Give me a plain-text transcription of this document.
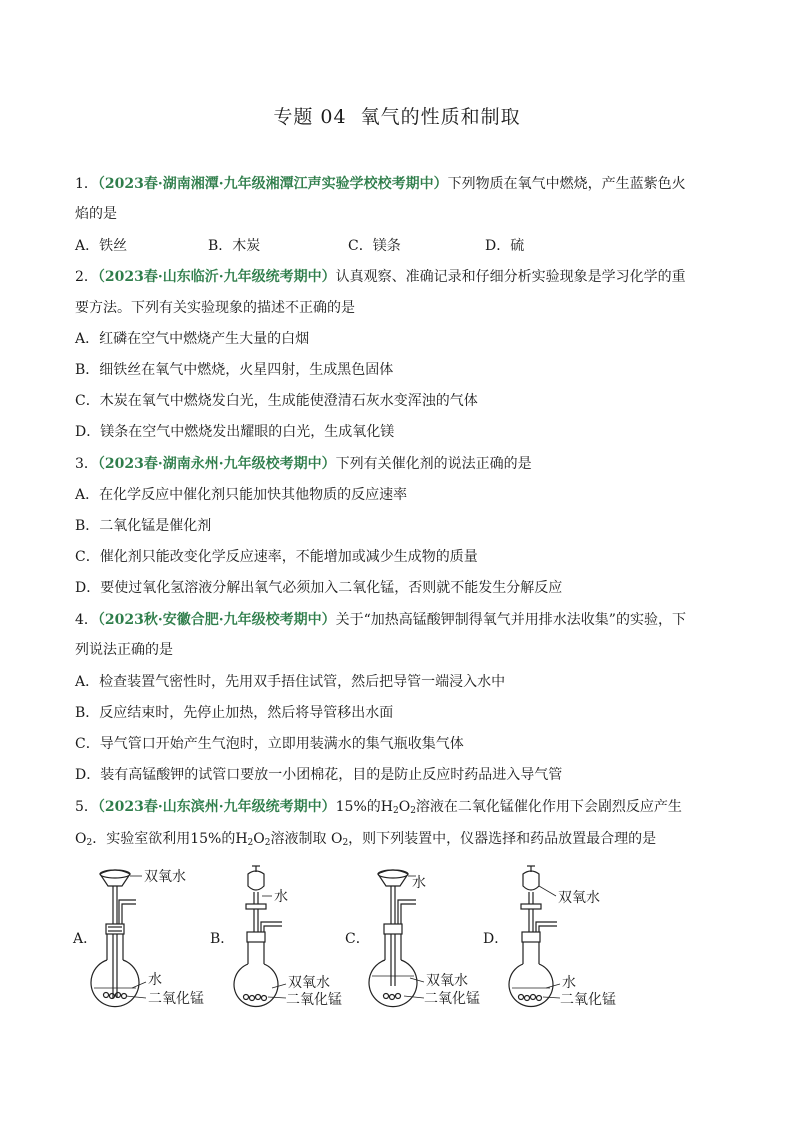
专题 04 氧气的性质和制取
1．（2023春·湖南湘潭·九年级湘潭江声实验学校校考期中）下列物质在氧气中燃烧，产生蓝紫色火
焰的是
A．铁丝	B．木炭	C．镁条	D．硫
2．（2023春·山东临沂·九年级统考期中）认真观察、准确记录和仔细分析实验现象是学习化学的重
要方法。下列有关实验现象的描述不正确的是
A．红磷在空气中燃烧产生大量的白烟
B．细铁丝在氧气中燃烧，火星四射，生成黑色固体
C．木炭在氧气中燃烧发白光，生成能使澄清石灰水变浑浊的气体
D．镁条在空气中燃烧发出耀眼的白光，生成氧化镁
3．（2023春·湖南永州·九年级校考期中）下列有关催化剂的说法正确的是
A．在化学反应中催化剂只能加快其他物质的反应速率
B．二氧化锰是催化剂
C．催化剂只能改变化学反应速率，不能增加或减少生成物的质量
D．要使过氧化氢溶液分解出氧气必须加入二氧化锰，否则就不能发生分解反应
4．（2023秋·安徽合肥·九年级校考期中）关于“加热高锰酸钾制得氧气并用排水法收集”的实验，下
列说法正确的是
A．检查装置气密性时，先用双手捂住试管，然后把导管一端浸入水中
B．反应结束时，先停止加热，然后将导管移出水面
C．导气管口开始产生气泡时，立即用装满水的集气瓶收集气体
D．装有高锰酸钾的试管口要放一小团棉花，目的是防止反应时药品进入导气管
5．（2023春·山东滨州·九年级统考期中）15%的$H_2O_2$溶液在二氧化锰催化作用下会剧烈反应产生
$O_2$．实验室欲利用15%的$H_2O_2$溶液制取 $O_2$，则下列装置中，仪器选择和药品放置最合理的是
双氧水
水
二氧化锰
水
双氧水
二氧化锰
水
双氧水
二氧化锰
双氧水
水
二氧化锰
A．	B．	C．	D．
